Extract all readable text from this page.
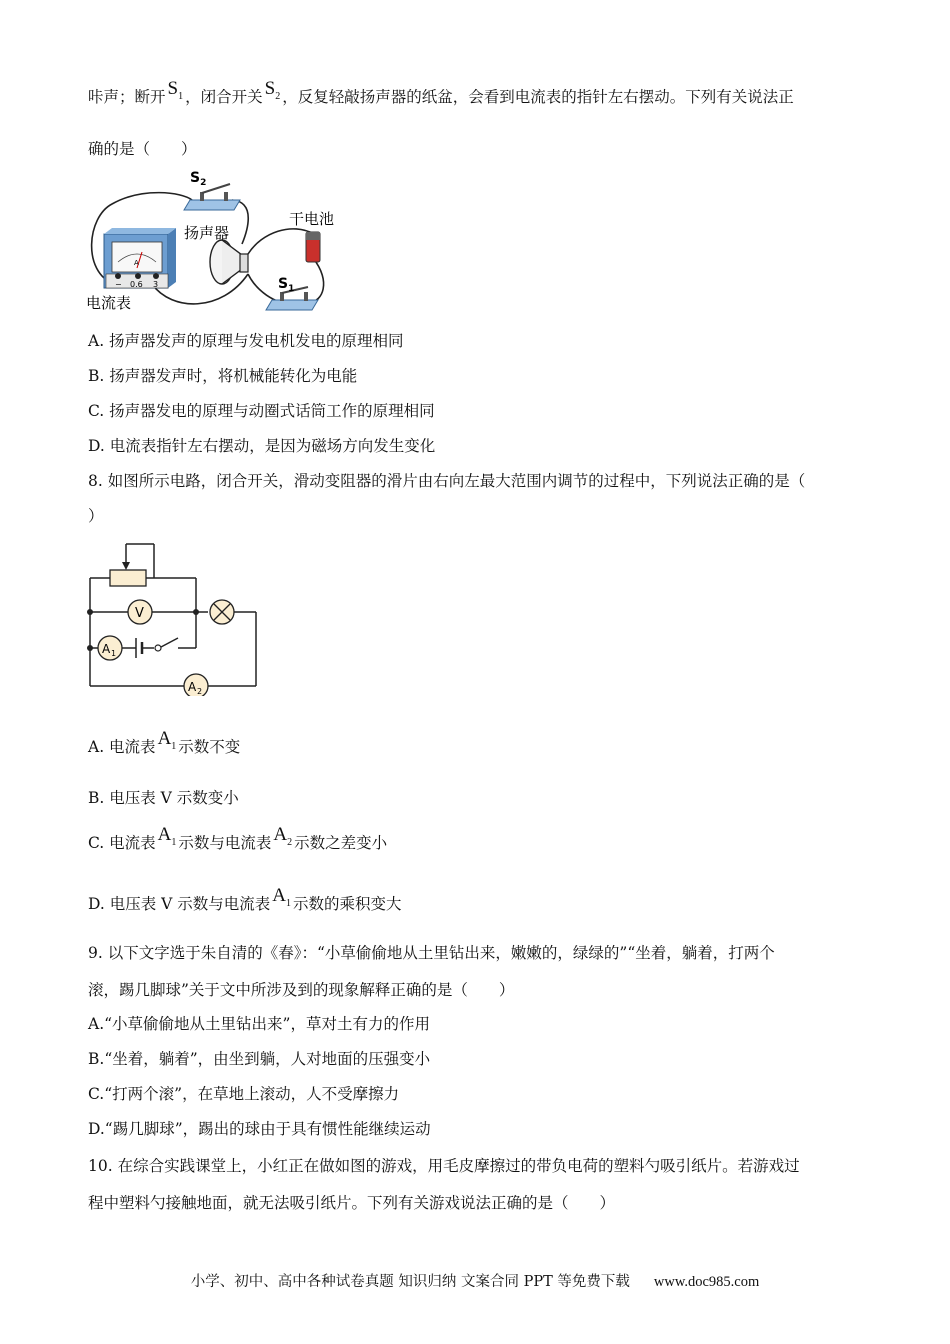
咔声；断开 $S_1$ ，闭合开关 $S_2$ ，反复轻敲扬声器的纸盆，会看到电流表的指针左右摆动。下列有关说法正
确的是（　　）
$S_2$
干电池
扬声器
A
− 0.6 3
电流表
$S_1$
A. 扬声器发声的原理与发电机发电的原理相同
B. 扬声器发声时，将机械能转化为电能
C. 扬声器发电的原理与动圈式话筒工作的原理相同
D. 电流表指针左右摆动，是因为磁场方向发生变化
8. 如图所示电路，闭合开关，滑动变阻器的滑片由右向左最大范围内调节的过程中，下列说法正确的是（
）
V
A 1
A 2
A. 电流表 $A_1$ 示数不变
B. 电压表 V 示数变小
C. 电流表 $A_1$ 示数与电流表 $A_2$ 示数之差变小
D. 电压表 V 示数与电流表 $A_1$ 示数的乘积变大
9. 以下文字选于朱自清的《春》：“小草偷偷地从土里钻出来，嫩嫩的，绿绿的”“坐着，躺着，打两个
滚，踢几脚球”关于文中所涉及到的现象解释正确的是（　　）
A.“小草偷偷地从土里钻出来”，草对土有力的作用
B.“坐着，躺着”，由坐到躺，人对地面的压强变小
C.“打两个滚”，在草地上滚动，人不受摩擦力
D.“踢几脚球”，踢出的球由于具有惯性能继续运动
10. 在综合实践课堂上，小红正在做如图的游戏，用毛皮摩擦过的带负电荷的塑料勺吸引纸片。若游戏过
程中塑料勺接触地面，就无法吸引纸片。下列有关游戏说法正确的是（　　）
小学、初中、高中各种试卷真题 知识归纳 文案合同 PPT 等免费下载 www.doc985.com
